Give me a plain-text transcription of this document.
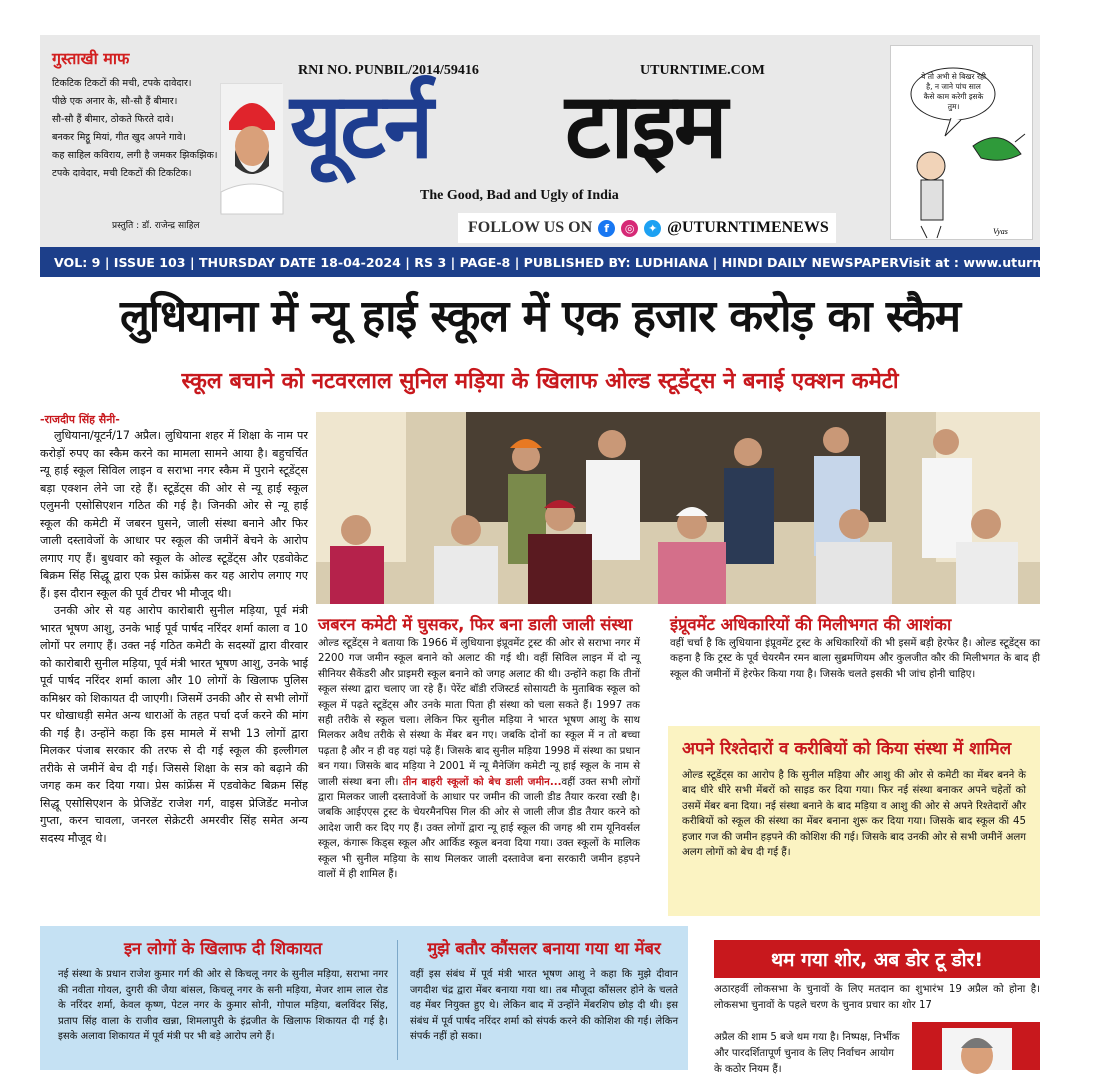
गुस्ताखी माफ
टिकटिक टिकटों की मची, टपके दावेदार।
पीछे एक अनार के, सौ-सौ हैं बीमार।
सौ-सौ हैं बीमार, ठोकते फिरते दावे।
बनकर मिट्ठू मियां, गीत खुद अपने गावे।
कह साहिल कविराय, लगी है जमकर झिकझिक।
टपके दावेदार, मची टिकटों की टिकटिक।
प्रस्तुति : डॉ. राजेन्द्र साहिल
RNI NO. PUNBIL/2014/59416	UTURNTIME.COM
यूटर्न टाइम
The Good, Bad and Ugly of India
FOLLOW US ON	f	◎	✦ @UTURNTIMENEWS	Vyas
ये तो अभी से बिखर रही है, न जाने पांच साल कैसे काम करेगी इसके तुम।
VOL: 9 | ISSUE 103 | THURSDAY DATE 18-04-2024 | RS 3 | PAGE-8 | PUBLISHED BY: LUDHIANA | HINDI DAILY NEWSPAPER Visit at : www.uturntime.com
लुधियाना में न्यू हाई स्कूल में एक हजार करोड़ का स्कैम
स्कूल बचाने को नटवरलाल सुनिल मड़िया के खिलाफ ओल्ड स्टूडेंट्स ने बनाई एक्शन कमेटी
-राजदीप सिंह सैनी-

लुधियाना/यूटर्न/17 अप्रैल। लुधियाना शहर में शिक्षा के नाम पर करोड़ों रुपए का स्कैम करने का मामला सामने आया है। बहुचर्चित न्यू हाई स्कूल सिविल लाइन व सराभा नगर स्कैम में पुराने स्टूडेंट्स बड़ा एक्शन लेने जा रहे हैं। स्टूडेंट्स की ओर से न्यू हाई स्कूल एलुमनी एसोसिएशन गठित की गई है। जिनकी ओर से न्यू हाई स्कूल की कमेटी में जबरन घुसने, जाली संस्था बनाने और फिर जाली दस्तावेजों के आधार पर स्कूल की जमीनें बेचने के आरोप लगाए गए हैं। बुधवार को स्कूल के ओल्ड स्टूडेंट्स और एडवोकेट बिक्रम सिंह सिद्धू द्वारा एक प्रेस कांफ्रेंस कर यह आरोप लगाए गए हैं। इस दौरान स्कूल की पूर्व टीचर भी मौजूद थी।

उनकी ओर से यह आरोप कारोबारी सुनील मड़िया, पूर्व मंत्री भारत भूषण आशु, उनके भाई पूर्व पार्षद नरिंदर शर्मा काला व 10 लोगों पर लगाए हैं। उक्त नई गठित कमेटी के सदस्यों द्वारा वीरवार को कारोबारी सुनील मड़िया, पूर्व मंत्री भारत भूषण आशु, उनके भाई पूर्व पार्षद नरिंदर शर्मा काला और 10 लोगों के खिलाफ पुलिस कमिश्नर को शिकायत दी जाएगी। जिसमें उनकी और से सभी लोगों पर धोखाधड़ी समेत अन्य धाराओं के तहत पर्चा दर्ज करने की मांग की गई है। उन्होंने कहा कि इस मामले में सभी 13 लोगों द्वारा मिलकर पंजाब सरकार की तरफ से दी गई स्कूल की इल्लीगल तरीके से जमीनें बेच दी गई। जिससे शिक्षा के सत्र को बढ़ाने की जगह कम कर दिया गया। प्रेस कांफ्रेंस में एडवोकेट बिक्रम सिंह सिद्धू एसोसिएशन के प्रेजिडेंट राजेश गर्ग, वाइस प्रेजिडेंट मनोज गुप्ता, करन चावला, जनरल सेक्रेटरी अमरवीर सिंह समेत अन्य सदस्य मौजूद थे।

जबरन कमेटी में घुसकर, फिर बना डाली जाली संस्था
ओल्ड स्टूडेंट्स ने बताया कि 1966 में लुधियाना इंप्रूवमेंट ट्रस्ट की ओर से सराभा नगर में 2200 गज जमीन स्कूल बनाने को अलाट की गई थी। वहीं सिविल लाइन में दो न्यू सीनियर सैकेंडरी और प्राइमरी स्कूल बनाने को जगह अलाट की थी। उन्होंने कहा कि तीनों स्कूल संस्था द्वारा चलाए जा रहे हैं। पेरेंट बॉडी रजिस्टर्ड सोसायटी के मुताबिक स्कूल को स्कूल में पढ़ते स्टूडेंट्स और उनके माता पिता ही संस्था को चला सकते हैं। 1997 तक सही तरीके से स्कूल चला। लेकिन फिर सुनील मड़िया ने भारत भूषण आशु के साथ मिलकर अवैध तरीके से संस्था के मेंबर बन गए। जबकि दोनों का स्कूल में न तो बच्चा पढ़ता है और न ही वह यहां पढ़े हैं। जिसके बाद सुनील मड़िया 1998 में संस्था का प्रधान बन गया। जिसके बाद मड़िया ने 2001 में न्यू मैनेजिंग कमेटी न्यू हाई स्कूल के नाम से जाली संस्था बना ली। तीन बाहरी स्कूलों को बेच डाली जमीन...वहीं उक्त सभी लोगों द्वारा मिलकर जाली दस्तावेजों के आधार पर जमीन की जाली डीड तैयार करवा रखी है। जबकि आईएएस ट्रस्ट के चेयरमैनपिस गिल की ओर से जाली लीज डीड तैयार करने को आदेश जारी कर दिए गए हैं। उक्त लोगों द्वारा न्यू हाई स्कूल की जगह श्री राम यूनिवर्सल स्कूल, कंगारू किड्स स्कूल और आर्किड स्कूल बनवा दिया गया। उक्त स्कूलों के मालिक स्कूल भी सुनील मड़िया के साथ मिलकर जाली दस्तावेज बना सरकारी जमीन हड़पने वालों में ही शामिल हैं।
इंप्रूवमेंट अधिकारियों की मिलीभगत की आशंका
वहीं चर्चा है कि लुधियाना इंप्रूवमेंट ट्रस्ट के अधिकारियों की भी इसमें बड़ी हेरफेर है। ओल्ड स्टूडेंट्स का कहना है कि ट्रस्ट के पूर्व चेयरमैन रमन बाला सुब्रमणियम और कुलजीत कौर की मिलीभगत के बाद ही स्कूल की जमीनों में हेरफेर किया गया है। जिसके चलते इसकी भी जांच होनी चाहिए।
अपने रिश्तेदारों व करीबियों को किया संस्था में शामिल
ओल्ड स्टूडेंट्स का आरोप है कि सुनील मड़िया और आशु की ओर से कमेटी का मेंबर बनने के बाद धीरे धीरे सभी मेंबरों को साइड कर दिया गया। फिर नई संस्था बनाकर अपने चहेतों को उसमें मेंबर बना दिया। नई संस्था बनाने के बाद मड़िया व आशु की ओर से अपने रिश्तेदारों और करीबियों को स्कूल की संस्था का मेंबर बनाना शुरू कर दिया गया। जिसके बाद स्कूल की 45 हजार गज की जमीन हड़पने की कोशिश की गई। जिसके बाद उनकी ओर से सभी जमीनें अलग अलग लोगों को बेच दी गई हैं।
इन लोगों के खिलाफ दी शिकायत
नई संस्था के प्रधान राजेश कुमार गर्ग की ओर से किचलू नगर के सुनील मड़िया, सराभा नगर की नवीता गोयल, दुगरी की जैया बांसल, किचलू नगर के सनी मड़िया, मेजर शाम लाल रोड के नरिंदर शर्मा, केवल कृष्ण, पेटल नगर के कुमार सोनी, गोपाल मड़िया, बलविंदर सिंह, प्रताप सिंह वाला के राजीव खन्ना, शिमलापुरी के इंद्रजीत के खिलाफ शिकायत दी गई है। इसके अलावा शिकायत में पूर्व मंत्री पर भी बड़े आरोप लगे हैं।
मुझे बतौर कौंसलर बनाया गया था मेंबर
वहीं इस संबंध में पूर्व मंत्री भारत भूषण आशु ने कहा कि मुझे दीवान जगदीश चंद्र द्वारा मेंबर बनाया गया था। तब मौजूदा कौंसलर होने के चलते वह मेंबर नियुक्त हुए थे। लेकिन बाद में उन्होंने मेंबरशिप छोड़ दी थी। इस संबंध में पूर्व पार्षद नरिंदर शर्मा को संपर्क करने की कोशिश की गई। लेकिन संपर्क नहीं हो सका।
थम गया शोर, अब डोर टू डोर!
अठारहवीं लोकसभा के चुनावों के लिए मतदान का शुभारंभ 19 अप्रैल को होना है। लोकसभा चुनावों के पहले चरण के चुनाव प्रचार का शोर 17
अप्रैल की शाम 5 बजे थम गया है। निष्पक्ष, निर्भीक और पारदर्शितापूर्ण चुनाव के लिए निर्वाचन आयोग के कठोर नियम हैं।
